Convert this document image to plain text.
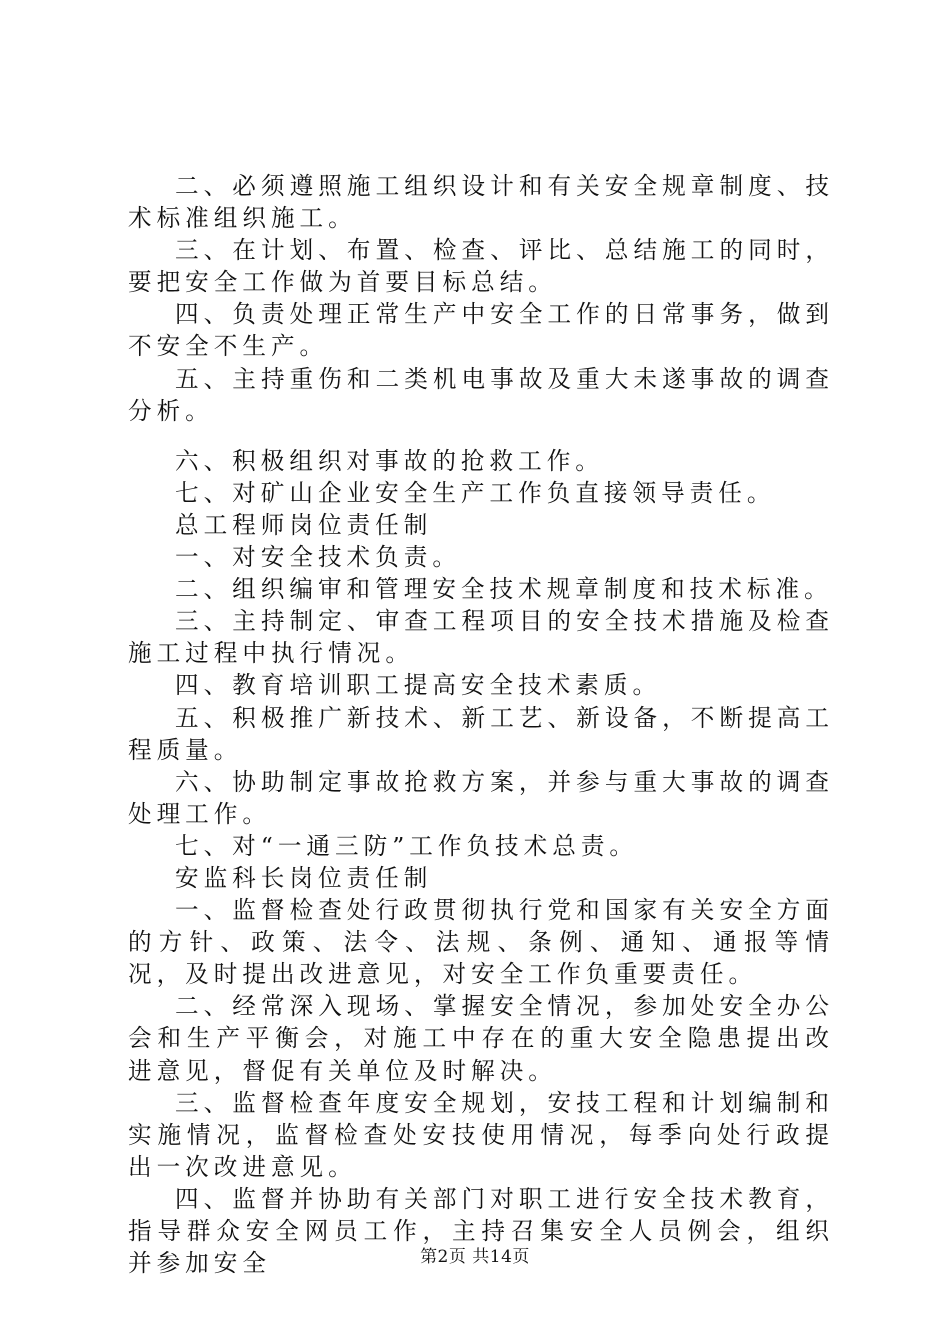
二、必须遵照施工组织设计和有关安全规章制度、技术标准组织施工。

三、在计划、布置、检查、评比、总结施工的同时，要把安全工作做为首要目标总结。

四、负责处理正常生产中安全工作的日常事务，做到不安全不生产。

五、主持重伤和二类机电事故及重大未遂事故的调查分析。

六、积极组织对事故的抢救工作。

七、对矿山企业安全生产工作负直接领导责任。

总工程师岗位责任制

一、对安全技术负责。

二、组织编审和管理安全技术规章制度和技术标准。

三、主持制定、审查工程项目的安全技术措施及检查施工过程中执行情况。

四、教育培训职工提高安全技术素质。

五、积极推广新技术、新工艺、新设备，不断提高工程质量。

六、协助制定事故抢救方案，并参与重大事故的调查处理工作。

七、对“一通三防”工作负技术总责。

安监科长岗位责任制

一、监督检查处行政贯彻执行党和国家有关安全方面的方针、政策、法令、法规、条例、通知、通报等情况，及时提出改进意见，对安全工作负重要责任。

二、经常深入现场、掌握安全情况，参加处安全办公会和生产平衡会，对施工中存在的重大安全隐患提出改进意见，督促有关单位及时解决。

三、监督检查年度安全规划，安技工程和计划编制和实施情况，监督检查处安技使用情况，每季向处行政提出一次改进意见。

四、监督并协助有关部门对职工进行安全技术教育，指导群众安全网员工作，主持召集安全人员例会，组织并参加安全	第2页 共14页
